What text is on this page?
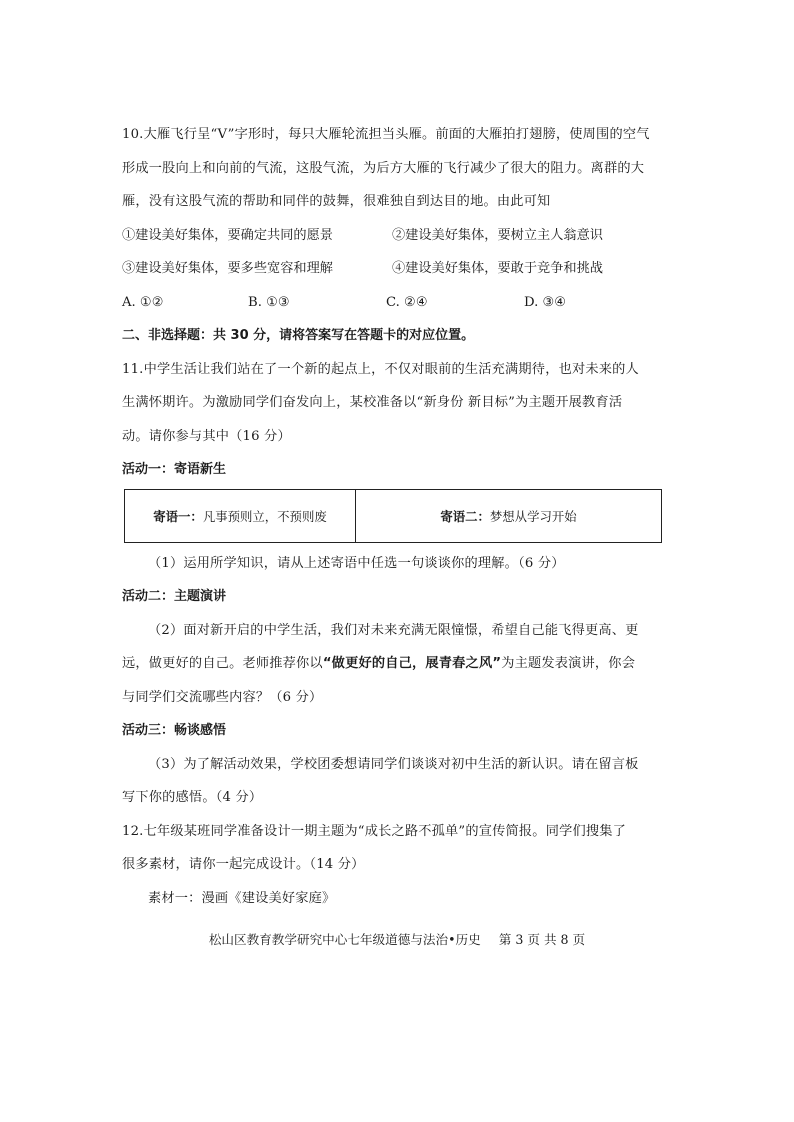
10.大雁飞行呈“V”字形时，每只大雁轮流担当头雁。前面的大雁拍打翅膀，使周围的空气

形成一股向上和向前的气流，这股气流，为后方大雁的飞行减少了很大的阻力。离群的大

雁，没有这股气流的帮助和同伴的鼓舞，很难独自到达目的地。由此可知

①建设美好集体，要确定共同的愿景	②建设美好集体，要树立主人翁意识
③建设美好集体，要多些宽容和理解	④建设美好集体，要敢于竞争和挑战
A. ①②	B. ①③	C. ②④	D. ③④

二、非选择题：共 30 分，请将答案写在答题卡的对应位置。

11.中学生活让我们站在了一个新的起点上，不仅对眼前的生活充满期待，也对未来的人

生满怀期许。为激励同学们奋发向上，某校准备以“新身份 新目标”为主题开展教育活

动。请你参与其中（16 分）

活动一：寄语新生

寄语一： 凡事预则立，不预则废	寄语二： 梦想从学习开始

（1）运用所学知识，请从上述寄语中任选一句谈谈你的理解。（6 分）

活动二：主题演讲

（2）面对新开启的中学生活，我们对未来充满无限憧憬，希望自己能飞得更高、更

远，做更好的自己。老师推荐你以“做更好的自己，展青春之风”为主题发表演讲，你会

与同学们交流哪些内容？（6 分）

活动三：畅谈感悟

（3）为了解活动效果，学校团委想请同学们谈谈对初中生活的新认识。请在留言板

写下你的感悟。（4 分）

12.七年级某班同学准备设计一期主题为“成长之路不孤单”的宣传简报。同学们搜集了

很多素材，请你一起完成设计。（14 分）

素材一：漫画《建设美好家庭》

松山区教育教学研究中心七年级道德与法治•历史 第 3 页 共 8 页
